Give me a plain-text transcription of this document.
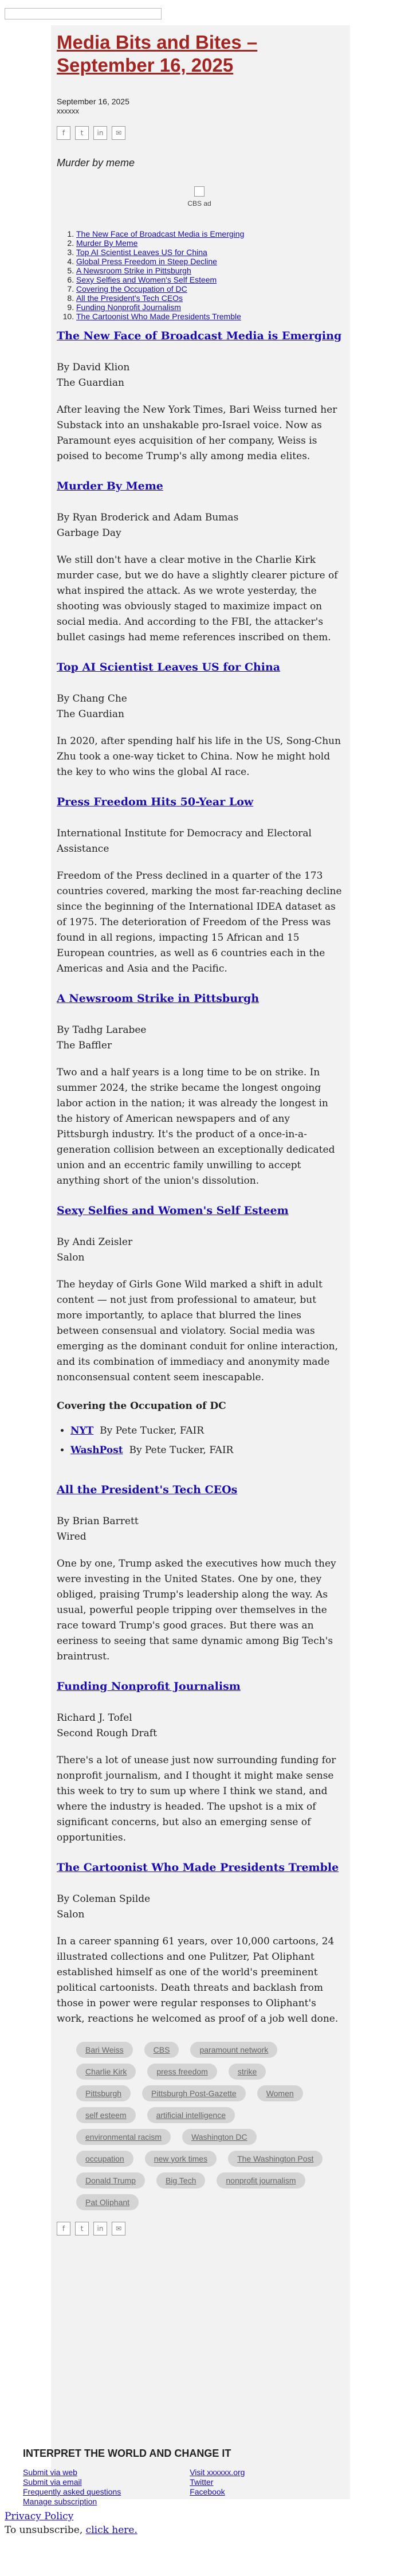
Media Bits and Bites – September 16, 2025

September 16, 2025

xxxxxx

f	t	in	✉

Murder by meme

CBS ad
1. The New Face of Broadcast Media is Emerging
2. Murder By Meme
3. Top AI Scientist Leaves US for China
4. Global Press Freedom in Steep Decline
5. A Newsroom Strike in Pittsburgh
6. Sexy Selfies and Women's Self Esteem
7. Covering the Occupation of DC
8. All the President's Tech CEOs
9. Funding Nonprofit Journalism
10. The Cartoonist Who Made Presidents Tremble
The New Face of Broadcast Media is Emerging

By David Klion
The Guardian

After leaving the New York Times, Bari Weiss turned her Substack into an unshakable pro-Israel voice. Now as Paramount eyes acquisition of her company, Weiss is poised to become Trump's ally among media elites.

Murder By Meme

By Ryan Broderick and Adam Bumas
Garbage Day

We still don't have a clear motive in the Charlie Kirk murder case, but we do have a slightly clearer picture of what inspired the attack. As we wrote yesterday, the shooting was obviously staged to maximize impact on social media. And according to the FBI, the attacker's bullet casings had meme references inscribed on them.

Top AI Scientist Leaves US for China

By Chang Che
The Guardian

In 2020, after spending half his life in the US, Song-Chun Zhu took a one-way ticket to China. Now he might hold the key to who wins the global AI race.

Press Freedom Hits 50-Year Low

International Institute for Democracy and Electoral Assistance

Freedom of the Press declined in a quarter of the 173 countries covered, marking the most far-reaching decline since the beginning of the International IDEA dataset as of 1975. The deterioration of Freedom of the Press was found in all regions, impacting 15 African and 15 European countries, as well as 6 countries each in the Americas and Asia and the Pacific.

A Newsroom Strike in Pittsburgh

By Tadhg Larabee
The Baffler

Two and a half years is a long time to be on strike. In summer 2024, the strike became the longest ongoing labor action in the nation; it was already the longest in the history of American newspapers and of any Pittsburgh industry. It's the product of a once-in-a-generation collision between an exceptionally dedicated union and an eccentric family unwilling to accept anything short of the union's dissolution.

Sexy Selfies and Women's Self Esteem

By Andi Zeisler
Salon

The heyday of Girls Gone Wild marked a shift in adult content — not just from professional to amateur, but more importantly, to aplace that blurred the lines between consensual and violatory. Social media was emerging as the dominant conduit for online interaction, and its combination of immediacy and anonymity made nonconsensual content seem inescapable.

Covering the Occupation of DC
• NYT By Pete Tucker, FAIR
• WashPost By Pete Tucker, FAIR
All the President's Tech CEOs

By Brian Barrett
Wired

One by one, Trump asked the executives how much they were investing in the United States. One by one, they obliged, praising Trump's leadership along the way. As usual, powerful people tripping over themselves in the race toward Trump's good graces. But there was an eeriness to seeing that same dynamic among Big Tech's braintrust.

Funding Nonprofit Journalism

Richard J. Tofel
Second Rough Draft

There's a lot of unease just now surrounding funding for nonprofit journalism, and I thought it might make sense this week to try to sum up where I think we stand, and where the industry is headed. The upshot is a mix of significant concerns, but also an emerging sense of opportunities.

The Cartoonist Who Made Presidents Tremble

By Coleman Spilde
Salon

In a career spanning 61 years, over 10,000 cartoons, 24 illustrated collections and one Pulitzer, Pat Oliphant established himself as one of the world's preeminent political cartoonists. Death threats and backlash from those in power were regular responses to Oliphant's work, reactions he welcomed as proof of a job well done.

Bari Weiss	CBS	paramount network
Charlie Kirk	press freedom	strike
Pittsburgh	Pittsburgh Post-Gazette	Women
self esteem	artificial intelligence
environmental racism	Washington DC
occupation	new york times	The Washington Post
Donald Trump	Big Tech	nonprofit journalism
Pat Oliphant
f	t	in	✉
Privacy Policy
To unsubscribe, click here.
INTERPRET THE WORLD AND CHANGE IT
Submit via web
Submit via email
Frequently asked questions
Manage subscription
Visit xxxxxx.org
Twitter
Facebook
